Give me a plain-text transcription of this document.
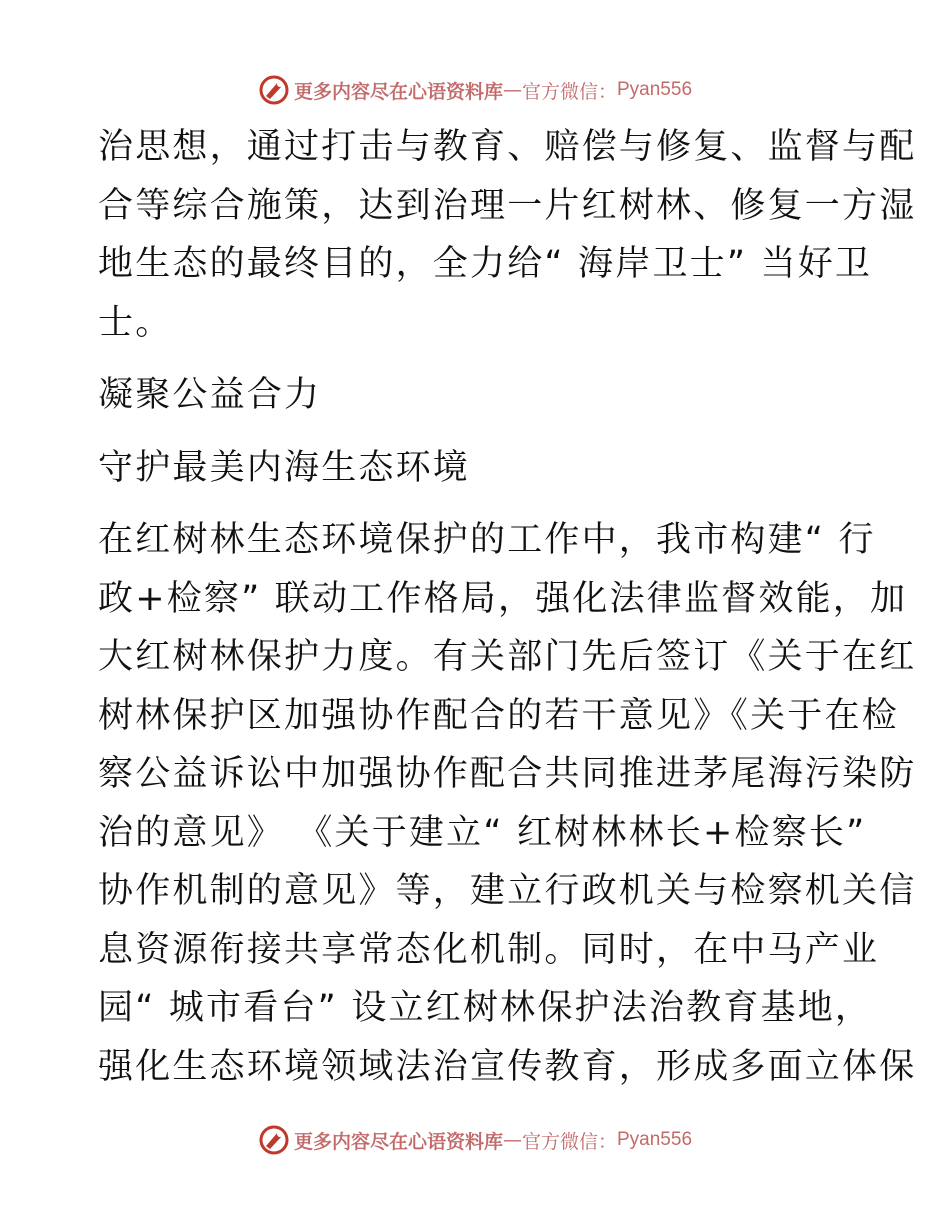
更多内容尽在心语资料库 — 官方微信： Pyan556
治思想，通过打击与教育、赔偿与修复、监督与配
合等综合施策，达到治理一片红树林、修复一方湿
地生态的最终目的，全力给“ 海岸卫士” 当好卫
士。
凝聚公益合力
守护最美内海生态环境
在红树林生态环境保护的工作中，我市构建“ 行
政+检察” 联动工作格局，强化法律监督效能，加
大红树林保护力度。有关部门先后签订《关于在红
树林保护区加强协作配合的若干意见》《关于在检
察公益诉讼中加强协作配合共同推进茅尾海污染防
治的意见》 《关于建立“ 红树林林长+检察长”
协作机制的意见》等，建立行政机关与检察机关信
息资源衔接共享常态化机制。同时，在中马产业
园“ 城市看台” 设立红树林保护法治教育基地，
强化生态环境领域法治宣传教育，形成多面立体保
更多内容尽在心语资料库 — 官方微信： Pyan556
